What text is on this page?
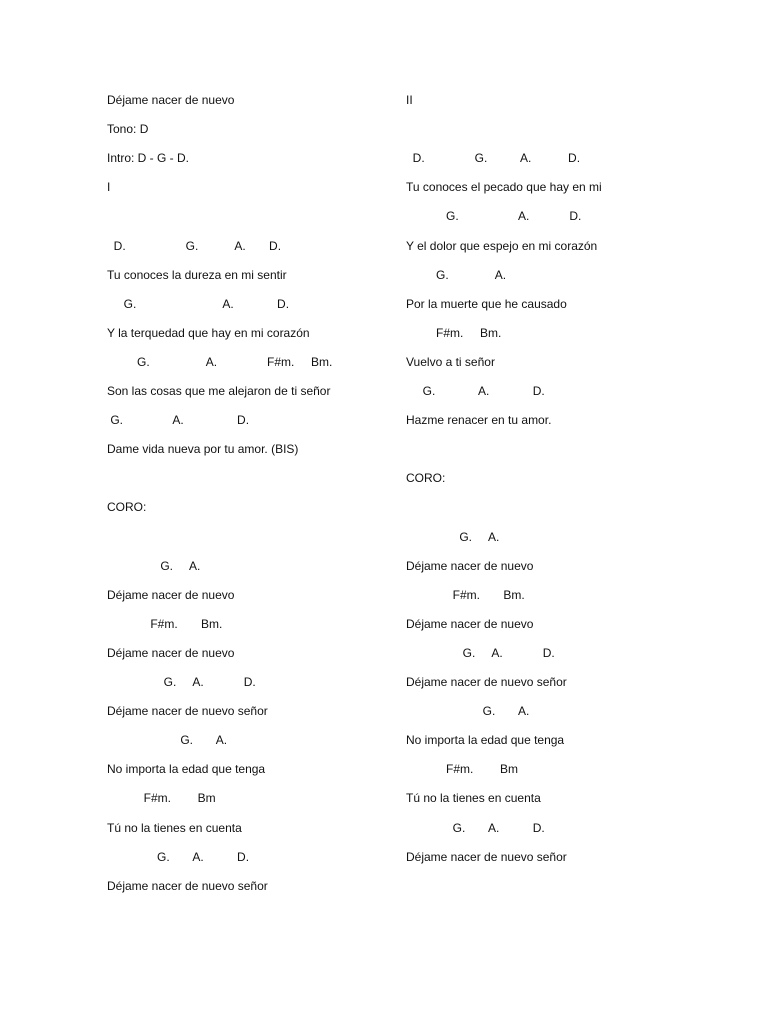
Déjame nacer de nuevo
Tono: D
Intro: D - G - D.
I
D.                  G.           A.       D.
Tu conoces la dureza en mi sentir
G.                          A.             D.
Y la terquedad que hay en mi corazón
G.                 A.               F#m.     Bm.
Son las cosas que me alejaron de ti señor
G.               A.                D.
Dame vida nueva por tu amor. (BIS)
CORO:
G.     A.
Déjame nacer de nuevo
F#m.       Bm.
Déjame nacer de nuevo
G.     A.            D.
Déjame nacer de nuevo señor
G.       A.
No importa la edad que tenga
F#m.        Bm
Tú no la tienes en cuenta
G.       A.          D.
Déjame nacer de nuevo señor
II
D.               G.          A.           D.
Tu conoces el pecado que hay en mi
G.                  A.            D.
Y el dolor que espejo en mi corazón
G.              A.
Por la muerte que he causado
F#m.     Bm.
Vuelvo a ti señor
G.             A.             D.
Hazme renacer en tu amor.
CORO:
G.     A.
Déjame nacer de nuevo
F#m.       Bm.
Déjame nacer de nuevo
G.     A.            D.
Déjame nacer de nuevo señor
G.       A.
No importa la edad que tenga
F#m.        Bm
Tú no la tienes en cuenta
G.       A.          D.
Déjame nacer de nuevo señor
